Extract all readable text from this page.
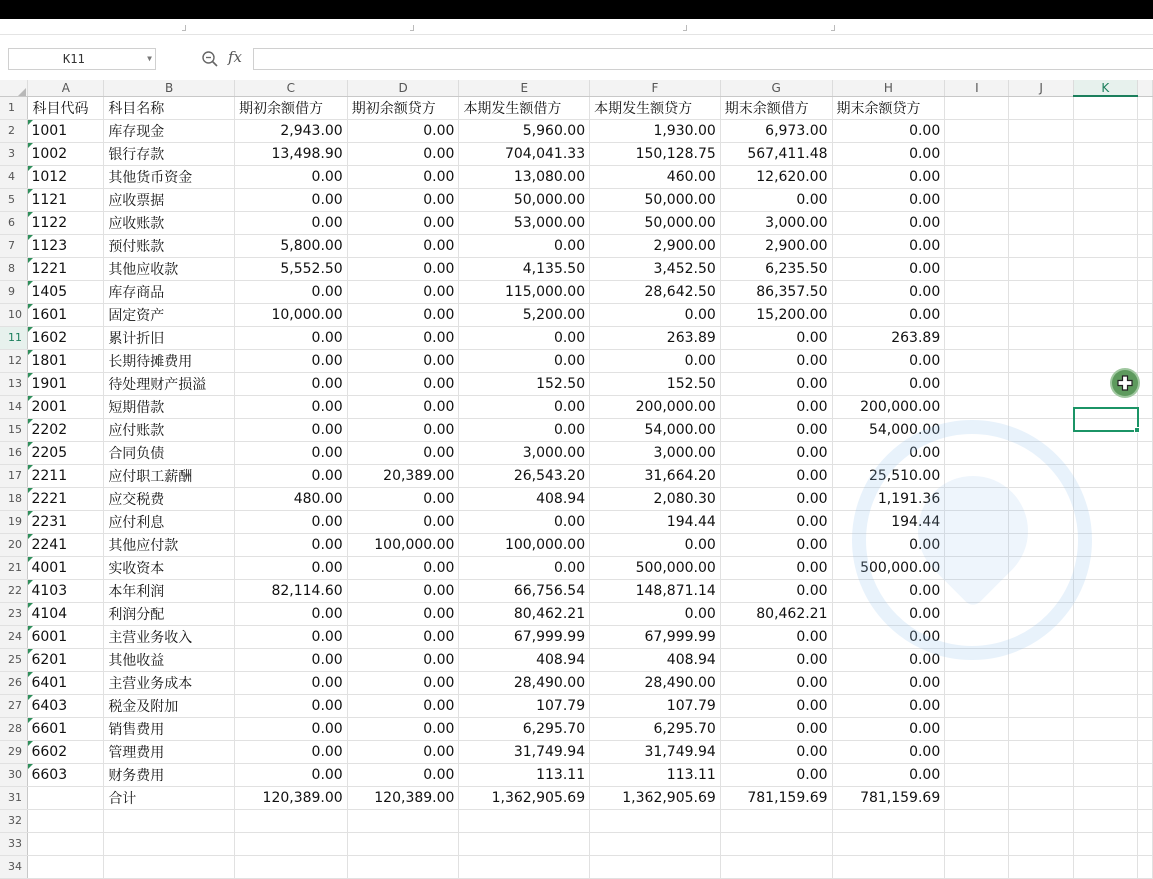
K11	▼	fx
	A	B	C	D	E	F	G	H	I	J	K	
1	科目代码	科目名称	期初余额借方	期初余额贷方	本期发生额借方	本期发生额贷方	期末余额借方	期末余额贷方				
2	1001	库存现金	2,943.00	0.00	5,960.00	1,930.00	6,973.00	0.00				
3	1002	银行存款	13,498.90	0.00	704,041.33	150,128.75	567,411.48	0.00				
4	1012	其他货币资金	0.00	0.00	13,080.00	460.00	12,620.00	0.00				
5	1121	应收票据	0.00	0.00	50,000.00	50,000.00	0.00	0.00				
6	1122	应收账款	0.00	0.00	53,000.00	50,000.00	3,000.00	0.00				
7	1123	预付账款	5,800.00	0.00	0.00	2,900.00	2,900.00	0.00				
8	1221	其他应收款	5,552.50	0.00	4,135.50	3,452.50	6,235.50	0.00				
9	1405	库存商品	0.00	0.00	115,000.00	28,642.50	86,357.50	0.00				
10	1601	固定资产	10,000.00	0.00	5,200.00	0.00	15,200.00	0.00				
11	1602	累计折旧	0.00	0.00	0.00	263.89	0.00	263.89				
12	1801	长期待摊费用	0.00	0.00	0.00	0.00	0.00	0.00				
13	1901	待处理财产损溢	0.00	0.00	152.50	152.50	0.00	0.00				
14	2001	短期借款	0.00	0.00	0.00	200,000.00	0.00	200,000.00				
15	2202	应付账款	0.00	0.00	0.00	54,000.00	0.00	54,000.00				
16	2205	合同负债	0.00	0.00	3,000.00	3,000.00	0.00	0.00				
17	2211	应付职工薪酬	0.00	20,389.00	26,543.20	31,664.20	0.00	25,510.00				
18	2221	应交税费	480.00	0.00	408.94	2,080.30	0.00	1,191.36				
19	2231	应付利息	0.00	0.00	0.00	194.44	0.00	194.44				
20	2241	其他应付款	0.00	100,000.00	100,000.00	0.00	0.00	0.00				
21	4001	实收资本	0.00	0.00	0.00	500,000.00	0.00	500,000.00				
22	4103	本年利润	82,114.60	0.00	66,756.54	148,871.14	0.00	0.00				
23	4104	利润分配	0.00	0.00	80,462.21	0.00	80,462.21	0.00				
24	6001	主营业务收入	0.00	0.00	67,999.99	67,999.99	0.00	0.00				
25	6201	其他收益	0.00	0.00	408.94	408.94	0.00	0.00				
26	6401	主营业务成本	0.00	0.00	28,490.00	28,490.00	0.00	0.00				
27	6403	税金及附加	0.00	0.00	107.79	107.79	0.00	0.00				
28	6601	销售费用	0.00	0.00	6,295.70	6,295.70	0.00	0.00				
29	6602	管理费用	0.00	0.00	31,749.94	31,749.94	0.00	0.00				
30	6603	财务费用	0.00	0.00	113.11	113.11	0.00	0.00				
31		合计	120,389.00	120,389.00	1,362,905.69	1,362,905.69	781,159.69	781,159.69				
32												
33												
34												
